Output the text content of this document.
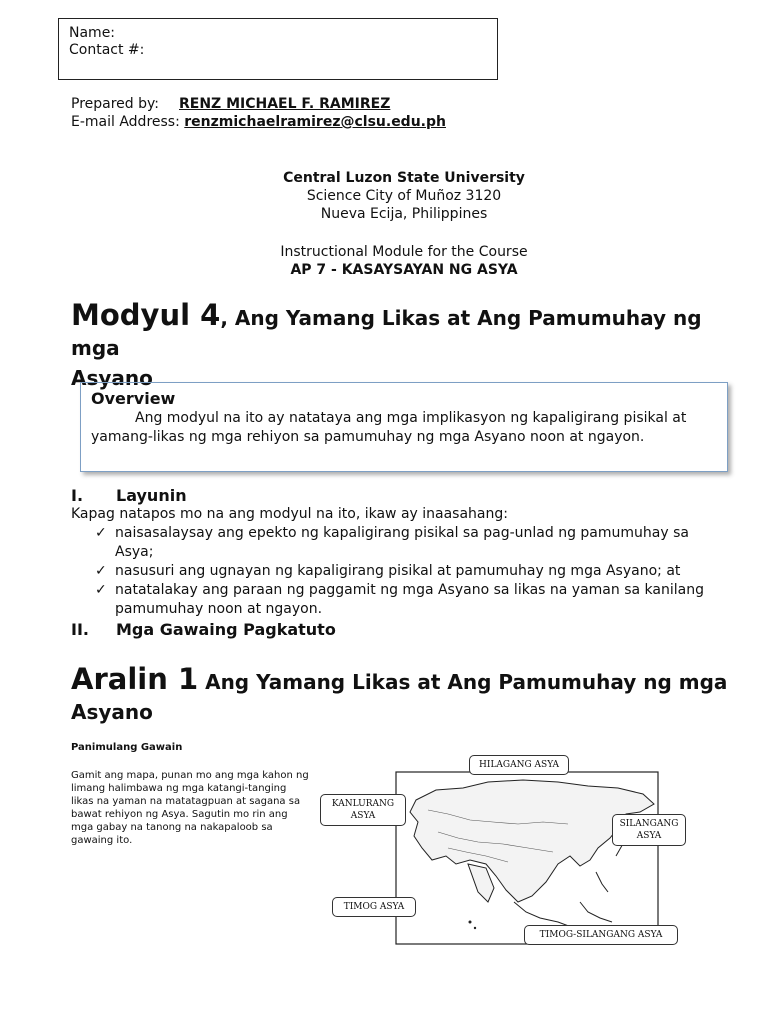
Name:
Contact #:
Prepared by: RENZ MICHAEL F. RAMIREZ
E-mail Address: renzmichaelramirez@clsu.edu.ph
Central Luzon State University
Science City of Muñoz 3120
Nueva Ecija, Philippines
Instructional Module for the Course
AP 7 - KASAYSAYAN NG ASYA
Modyul 4, Ang Yamang Likas at Ang Pamumuhay ng mga
Asyano
Overview

Ang modyul na ito ay natataya ang mga implikasyon ng kapaligirang pisikal at yamang-likas ng mga rehiyon sa pamumuhay ng mga Asyano noon at ngayon.

I. Layunin
Kapag natapos mo na ang modyul na ito, ikaw ay inaasahang:
✓ naisasalaysay ang epekto ng kapaligirang pisikal sa pag-unlad ng pamumuhay sa Asya;
✓ nasusuri ang ugnayan ng kapaligirang pisikal at pamumuhay ng mga Asyano; at
✓ natatalakay ang paraan ng paggamit ng mga Asyano sa likas na yaman sa kanilang pamumuhay noon at ngayon.
II. Mga Gawaing Pagkatuto
Aralin 1 Ang Yamang Likas at Ang Pamumuhay ng mga
Asyano
Panimulang Gawain
Gamit ang mapa, punan mo ang mga kahon ng limang halimbawa ng mga katangi-tanging likas na yaman na matatagpuan at sagana sa bawat rehiyon ng Asya. Sagutin mo rin ang mga gabay na tanong na nakapaloob sa gawaing ito.
HILAGANG ASYA
KANLURANG ASYA
SILANGANG ASYA
TIMOG ASYA
TIMOG-SILANGANG ASYA
